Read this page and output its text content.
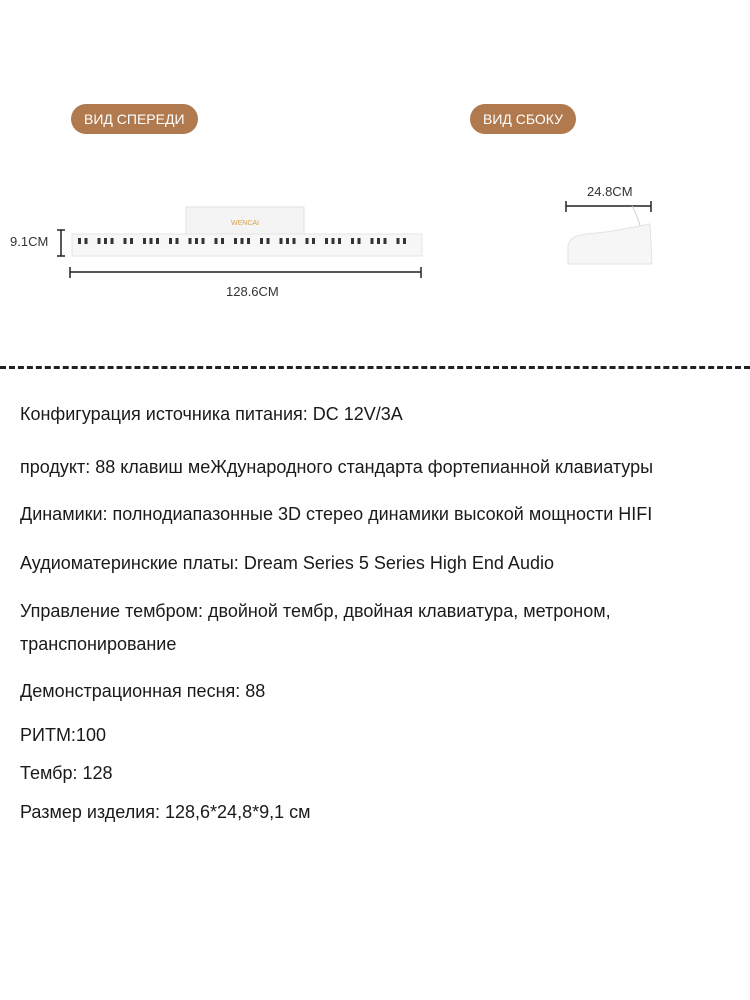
ВИД СПЕРЕДИ	ВИД СБОКУ
9.1CM
128.6CM
24.8CM
WENCAI
Конфигурация источника питания: DC 12V/3A
продукт: 88 клавиш меЖдународного стандарта фортепианной клавиатуры
Динамики: полнодиапазонные 3D стерео динамики высокой мощности HIFI
Аудиоматеринские платы: Dream Series 5 Series High End Audio
Управление тембром: двойной тембр, двойная клавиатура, метроном, транспонирование
Демонстрационная песня: 88
РИТМ:100
Тембр: 128
Размер изделия: 128,6*24,8*9,1 см
